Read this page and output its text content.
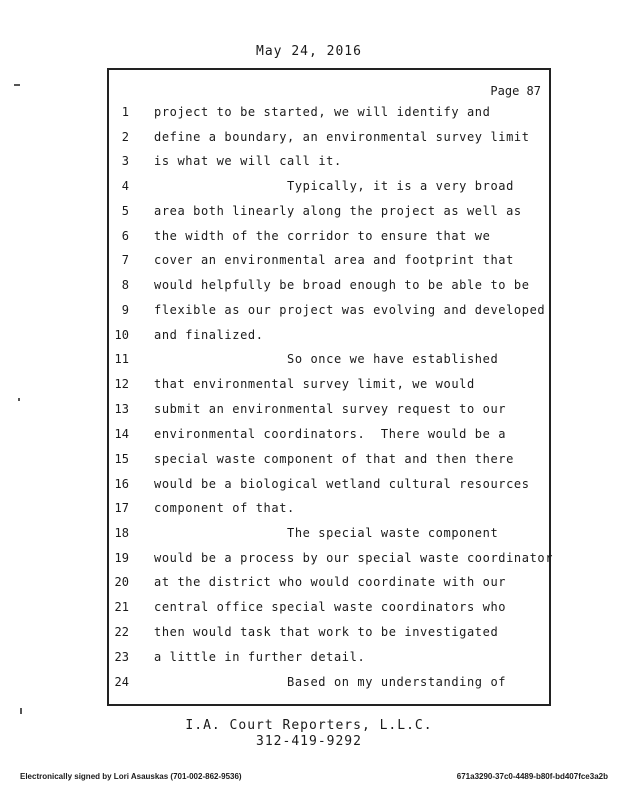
May 24, 2016
Page 87
1 project to be started, we will identify and
2 define a boundary, an environmental survey limit
3 is what we will call it.
4	Typically, it is a very broad
5 area both linearly along the project as well as
6 the width of the corridor to ensure that we
7 cover an environmental area and footprint that
8 would helpfully be broad enough to be able to be
9 flexible as our project was evolving and developed
10 and finalized.
11	So once we have established
12 that environmental survey limit, we would
13 submit an environmental survey request to our
14 environmental coordinators.  There would be a
15 special waste component of that and then there
16 would be a biological wetland cultural resources
17 component of that.
18	The special waste component
19 would be a process by our special waste coordinator
20 at the district who would coordinate with our
21 central office special waste coordinators who
22 then would task that work to be investigated
23 a little in further detail.
24	Based on my understanding of
I.A. Court Reporters, L.L.C.
312-419-9292
Electronically signed by Lori Asauskas (701-002-862-9536)	671a3290-37c0-4489-b80f-bd407fce3a2b
